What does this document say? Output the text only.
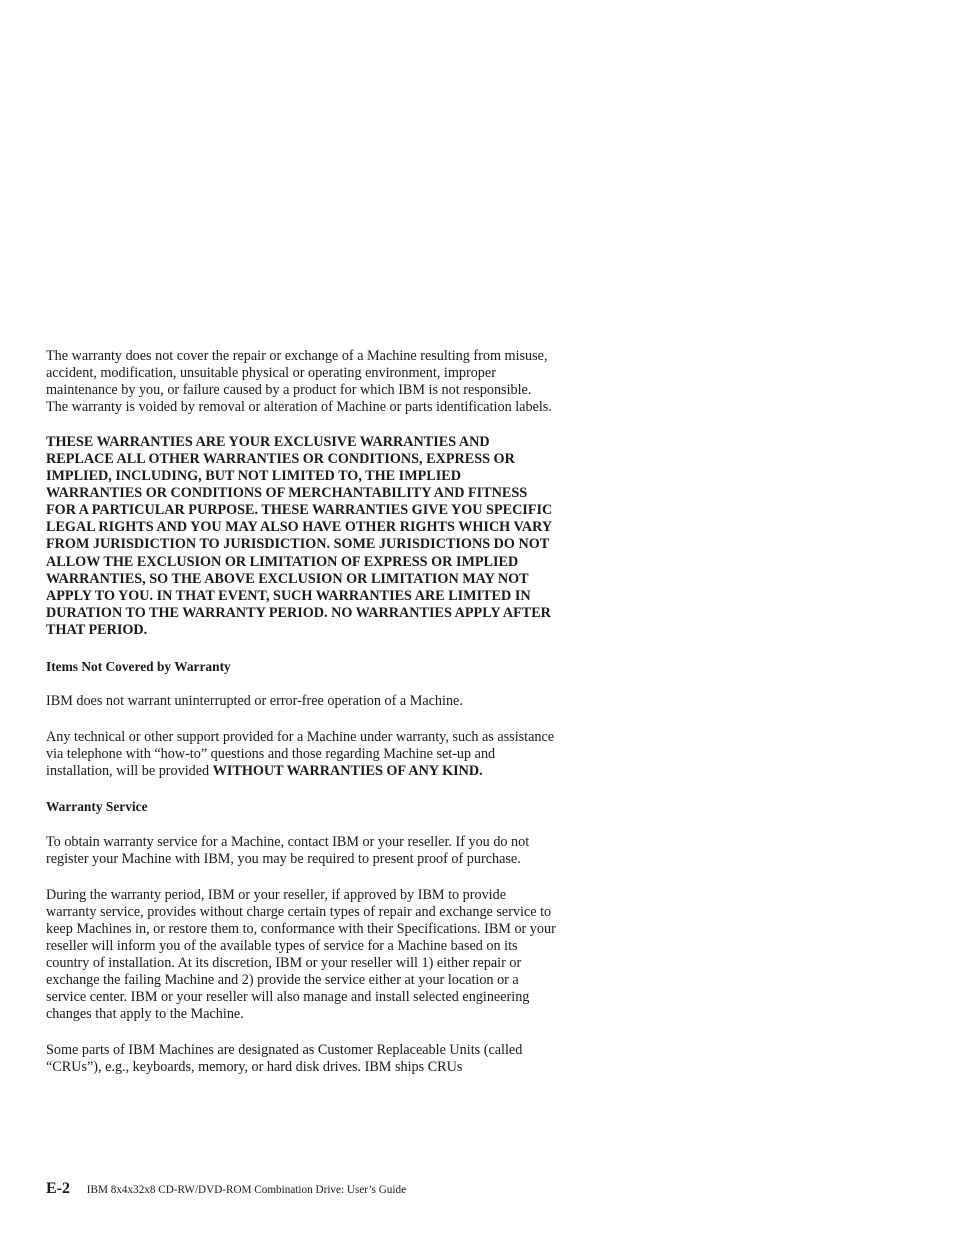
The warranty does not cover the repair or exchange of a Machine resulting from misuse, accident, modification, unsuitable physical or operating environment, improper maintenance by you, or failure caused by a product for which IBM is not responsible. The warranty is voided by removal or alteration of Machine or parts identification labels.

THESE WARRANTIES ARE YOUR EXCLUSIVE WARRANTIES AND REPLACE ALL OTHER WARRANTIES OR CONDITIONS, EXPRESS OR IMPLIED, INCLUDING, BUT NOT LIMITED TO, THE IMPLIED WARRANTIES OR CONDITIONS OF MERCHANTABILITY AND FITNESS FOR A PARTICULAR PURPOSE. THESE WARRANTIES GIVE YOU SPECIFIC LEGAL RIGHTS AND YOU MAY ALSO HAVE OTHER RIGHTS WHICH VARY FROM JURISDICTION TO JURISDICTION. SOME JURISDICTIONS DO NOT ALLOW THE EXCLUSION OR LIMITATION OF EXPRESS OR IMPLIED WARRANTIES, SO THE ABOVE EXCLUSION OR LIMITATION MAY NOT APPLY TO YOU. IN THAT EVENT, SUCH WARRANTIES ARE LIMITED IN DURATION TO THE WARRANTY PERIOD. NO WARRANTIES APPLY AFTER THAT PERIOD.

Items Not Covered by Warranty

IBM does not warrant uninterrupted or error-free operation of a Machine.

Any technical or other support provided for a Machine under warranty, such as assistance via telephone with “how-to” questions and those regarding Machine set-up and installation, will be provided WITHOUT WARRANTIES OF ANY KIND.

Warranty Service

To obtain warranty service for a Machine, contact IBM or your reseller. If you do not register your Machine with IBM, you may be required to present proof of purchase.

During the warranty period, IBM or your reseller, if approved by IBM to provide warranty service, provides without charge certain types of repair and exchange service to keep Machines in, or restore them to, conformance with their Specifications. IBM or your reseller will inform you of the available types of service for a Machine based on its country of installation. At its discretion, IBM or your reseller will 1) either repair or exchange the failing Machine and 2) provide the service either at your location or a service center. IBM or your reseller will also manage and install selected engineering changes that apply to the Machine.

Some parts of IBM Machines are designated as Customer Replaceable Units (called “CRUs”), e.g., keyboards, memory, or hard disk drives. IBM ships CRUs

E-2 IBM 8x4x32x8 CD-RW/DVD-ROM Combination Drive: User’s Guide
